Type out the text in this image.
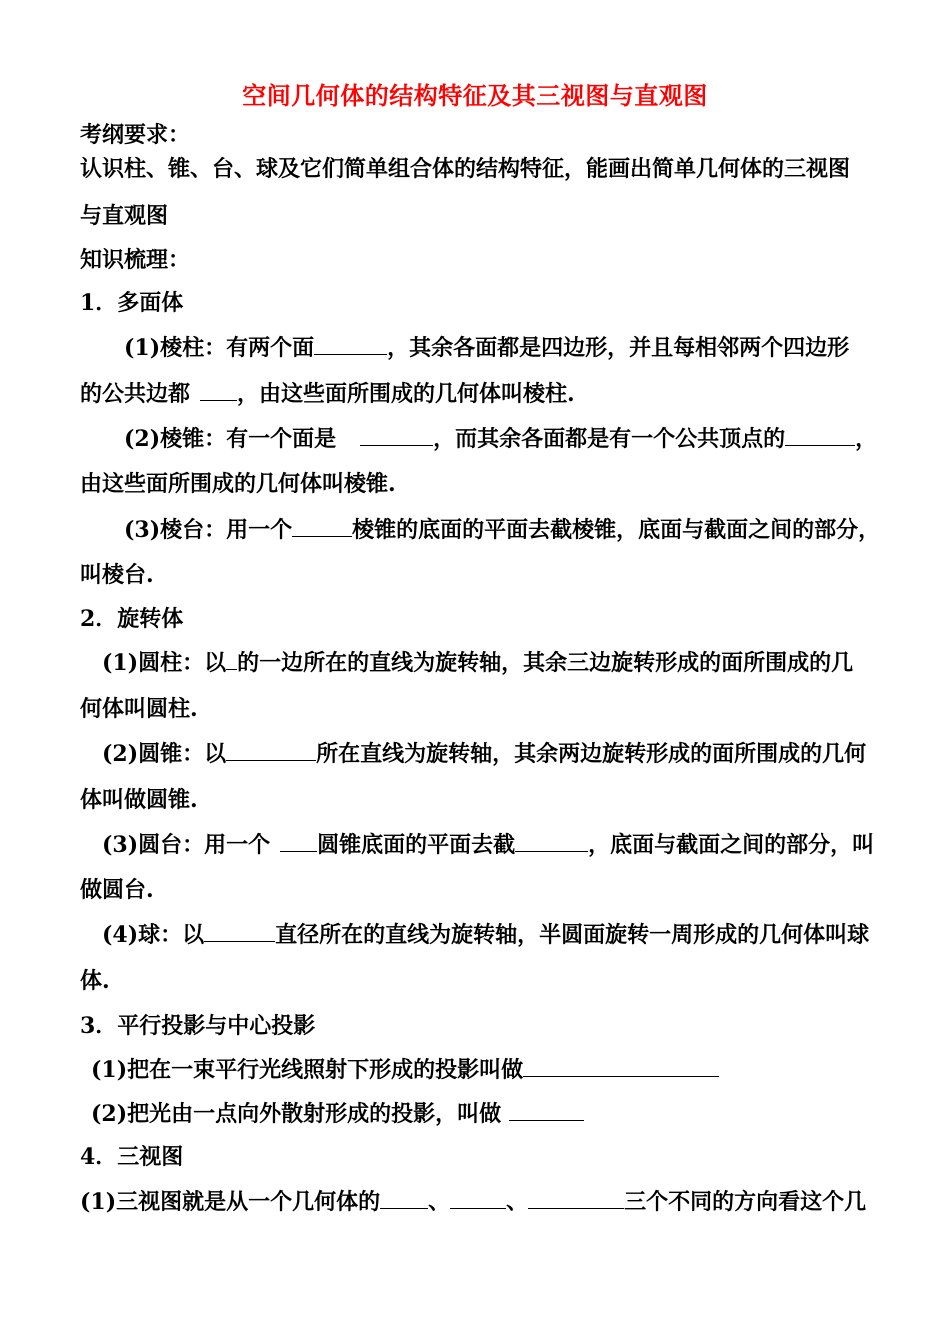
空间几何体的结构特征及其三视图与直观图
考纲要求：
认识柱、锥、台、球及它们简单组合体的结构特征，能画出简单几何体的三视图
与直观图
知识梳理：
1．多面体
(1)棱柱：有两个面	，其余各面都是四边形，并且每相邻两个四边形
的公共边都 ，由这些面所围成的几何体叫棱柱.
(2)棱锥：有一个面是	，而其余各面都是有一个公共顶点的	，
由这些面所围成的几何体叫棱锥.
(3)棱台：用一个	棱锥的底面的平面去截棱锥，底面与截面之间的部分，
叫棱台.
2．旋转体
(1)圆柱：以 的一边所在的直线为旋转轴，其余三边旋转形成的面所围成的几
何体叫圆柱.
(2)圆锥：以	所在直线为旋转轴，其余两边旋转形成的面所围成的几何
体叫做圆锥.
(3)圆台：用一个 圆锥底面的平面去截	，底面与截面之间的部分，叫
做圆台.
(4)球：以	直径所在的直线为旋转轴，半圆面旋转一周形成的几何体叫球
体.
3．平行投影与中心投影
(1)把在一束平行光线照射下形成的投影叫做
(2)把光由一点向外散射形成的投影，叫做
4．三视图
(1)三视图就是从一个几何体的 、	、	三个不同的方向看这个几
